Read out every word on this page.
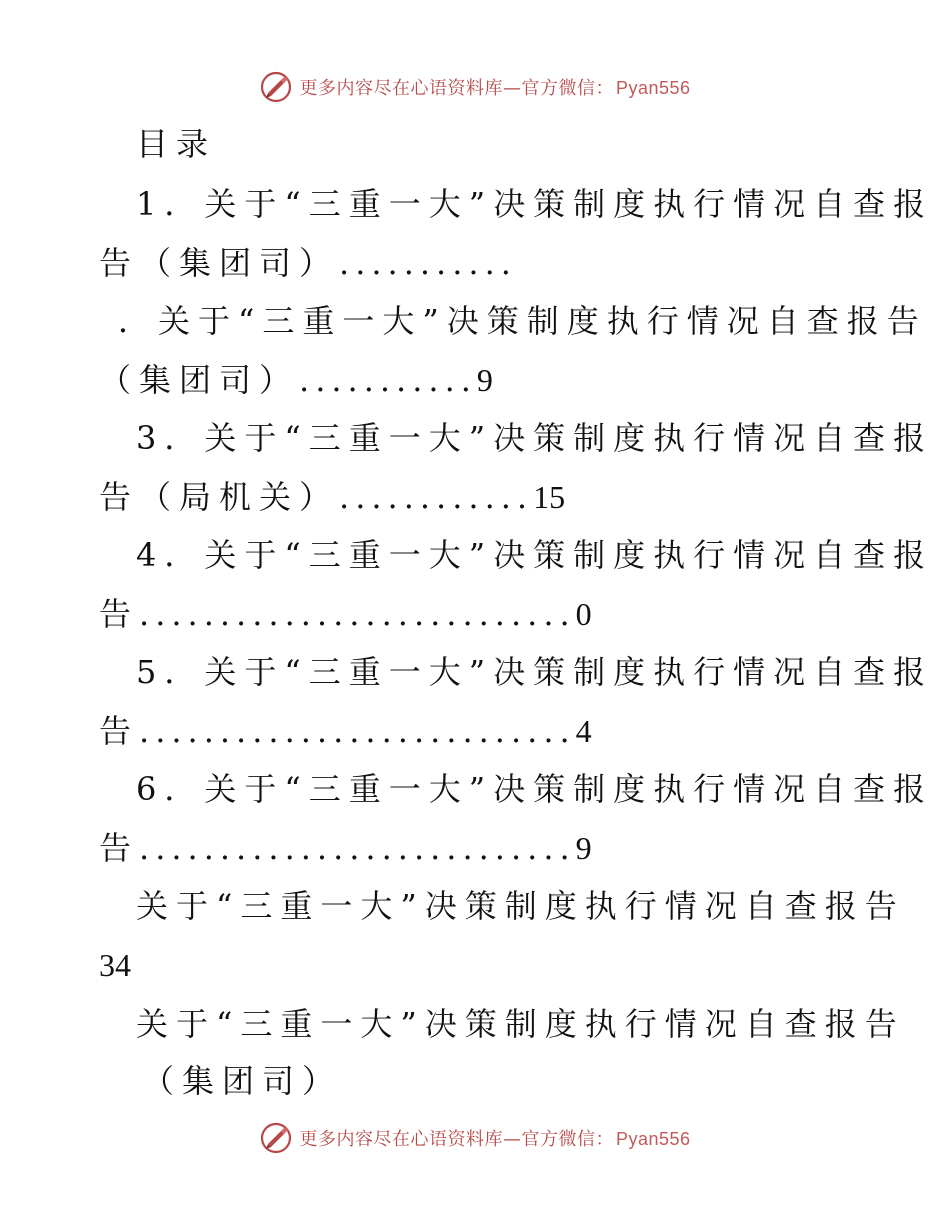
更多内容尽在心语资料库—官方微信： Pyan556
目录
1．关于“三重一大”决策制度执行情况自查报
告（集团司）...........
．关于“三重一大”决策制度执行情况自查报告
（集团司）...........9
3．关于“三重一大”决策制度执行情况自查报
告（局机关）............15
4．关于“三重一大”决策制度执行情况自查报
告...........................0
5．关于“三重一大”决策制度执行情况自查报
告...........................4
6．关于“三重一大”决策制度执行情况自查报
告...........................9
关于“三重一大”决策制度执行情况自查报告
34
关于“三重一大”决策制度执行情况自查报告
（集团司）
更多内容尽在心语资料库—官方微信： Pyan556
